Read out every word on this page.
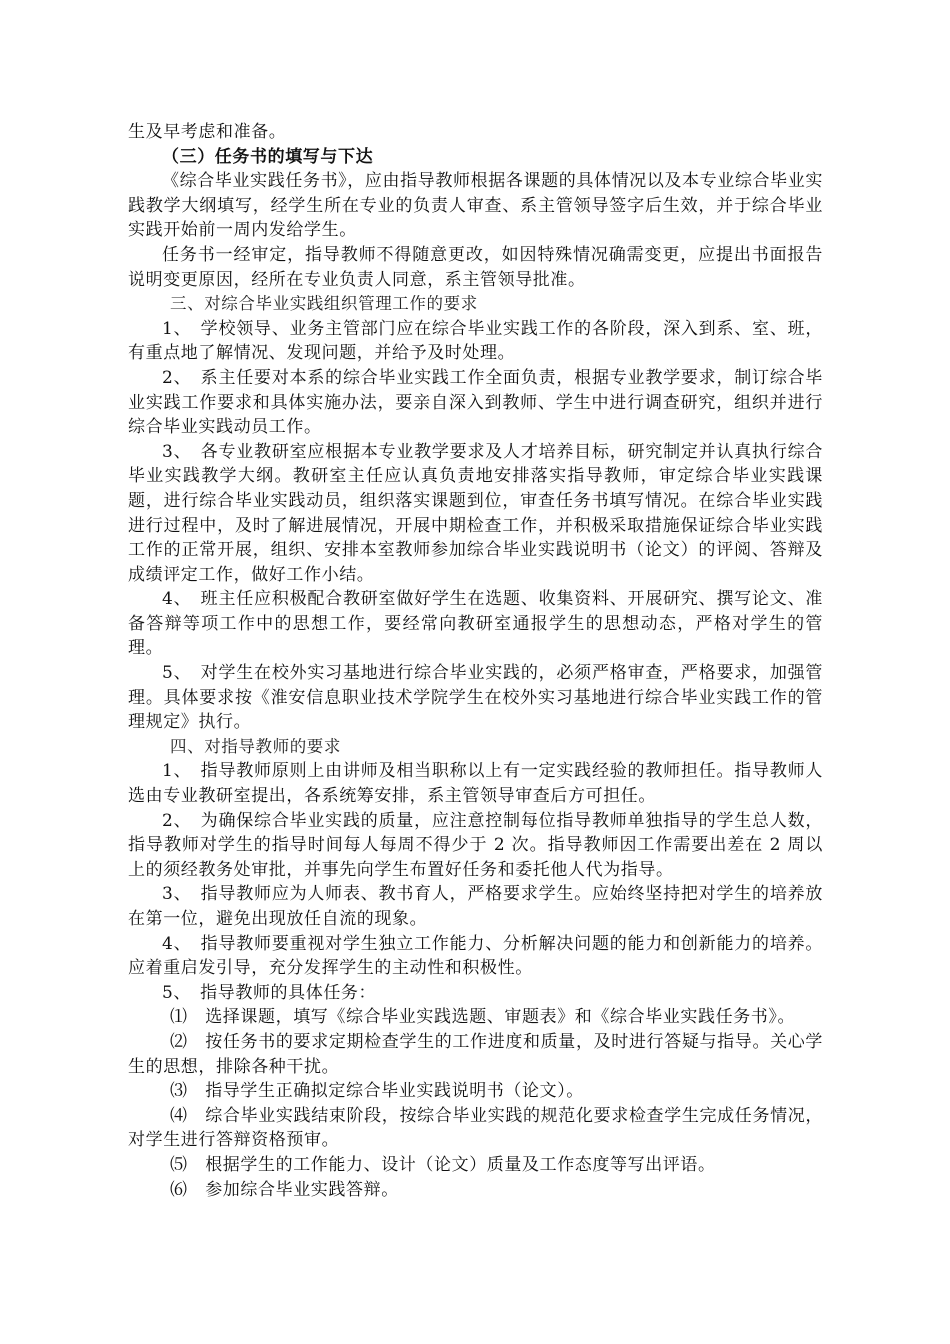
生及早考虑和准备。

（三）任务书的填写与下达

《综合毕业实践任务书》，应由指导教师根据各课题的具体情况以及本专业综合毕业实践教学大纲填写，经学生所在专业的负责人审查、系主管领导签字后生效，并于综合毕业实践开始前一周内发给学生。

任务书一经审定，指导教师不得随意更改，如因特殊情况确需变更，应提出书面报告说明变更原因，经所在专业负责人同意，系主管领导批准。

三、对综合毕业实践组织管理工作的要求

1、　学校领导、业务主管部门应在综合毕业实践工作的各阶段，深入到系、室、班，有重点地了解情况、发现问题，并给予及时处理。

2、　系主任要对本系的综合毕业实践工作全面负责，根据专业教学要求，制订综合毕业实践工作要求和具体实施办法，要亲自深入到教师、学生中进行调查研究，组织并进行综合毕业实践动员工作。

3、　各专业教研室应根据本专业教学要求及人才培养目标，研究制定并认真执行综合毕业实践教学大纲。教研室主任应认真负责地安排落实指导教师，审定综合毕业实践课题，进行综合毕业实践动员，组织落实课题到位，审查任务书填写情况。在综合毕业实践进行过程中，及时了解进展情况，开展中期检查工作，并积极采取措施保证综合毕业实践工作的正常开展，组织、安排本室教师参加综合毕业实践说明书（论文）的评阅、答辩及成绩评定工作，做好工作小结。

4、　班主任应积极配合教研室做好学生在选题、收集资料、开展研究、撰写论文、准备答辩等项工作中的思想工作，要经常向教研室通报学生的思想动态，严格对学生的管理。

5、　对学生在校外实习基地进行综合毕业实践的，必须严格审查，严格要求，加强管理。具体要求按《淮安信息职业技术学院学生在校外实习基地进行综合毕业实践工作的管理规定》执行。

四、对指导教师的要求

1、　指导教师原则上由讲师及相当职称以上有一定实践经验的教师担任。指导教师人选由专业教研室提出，各系统筹安排，系主管领导审查后方可担任。

2、　为确保综合毕业实践的质量，应注意控制每位指导教师单独指导的学生总人数，指导教师对学生的指导时间每人每周不得少于 2 次。指导教师因工作需要出差在 2 周以上的须经教务处审批，并事先向学生布置好任务和委托他人代为指导。

3、　指导教师应为人师表、教书育人，严格要求学生。应始终坚持把对学生的培养放在第一位，避免出现放任自流的现象。

4、　指导教师要重视对学生独立工作能力、分析解决问题的能力和创新能力的培养。应着重启发引导，充分发挥学生的主动性和积极性。

5、　指导教师的具体任务：

⑴　选择课题，填写《综合毕业实践选题、审题表》和《综合毕业实践任务书》。

⑵　按任务书的要求定期检查学生的工作进度和质量，及时进行答疑与指导。关心学生的思想，排除各种干扰。

⑶　指导学生正确拟定综合毕业实践说明书（论文）。

⑷　综合毕业实践结束阶段，按综合毕业实践的规范化要求检查学生完成任务情况，对学生进行答辩资格预审。

⑸　根据学生的工作能力、设计（论文）质量及工作态度等写出评语。

⑹　参加综合毕业实践答辩。
